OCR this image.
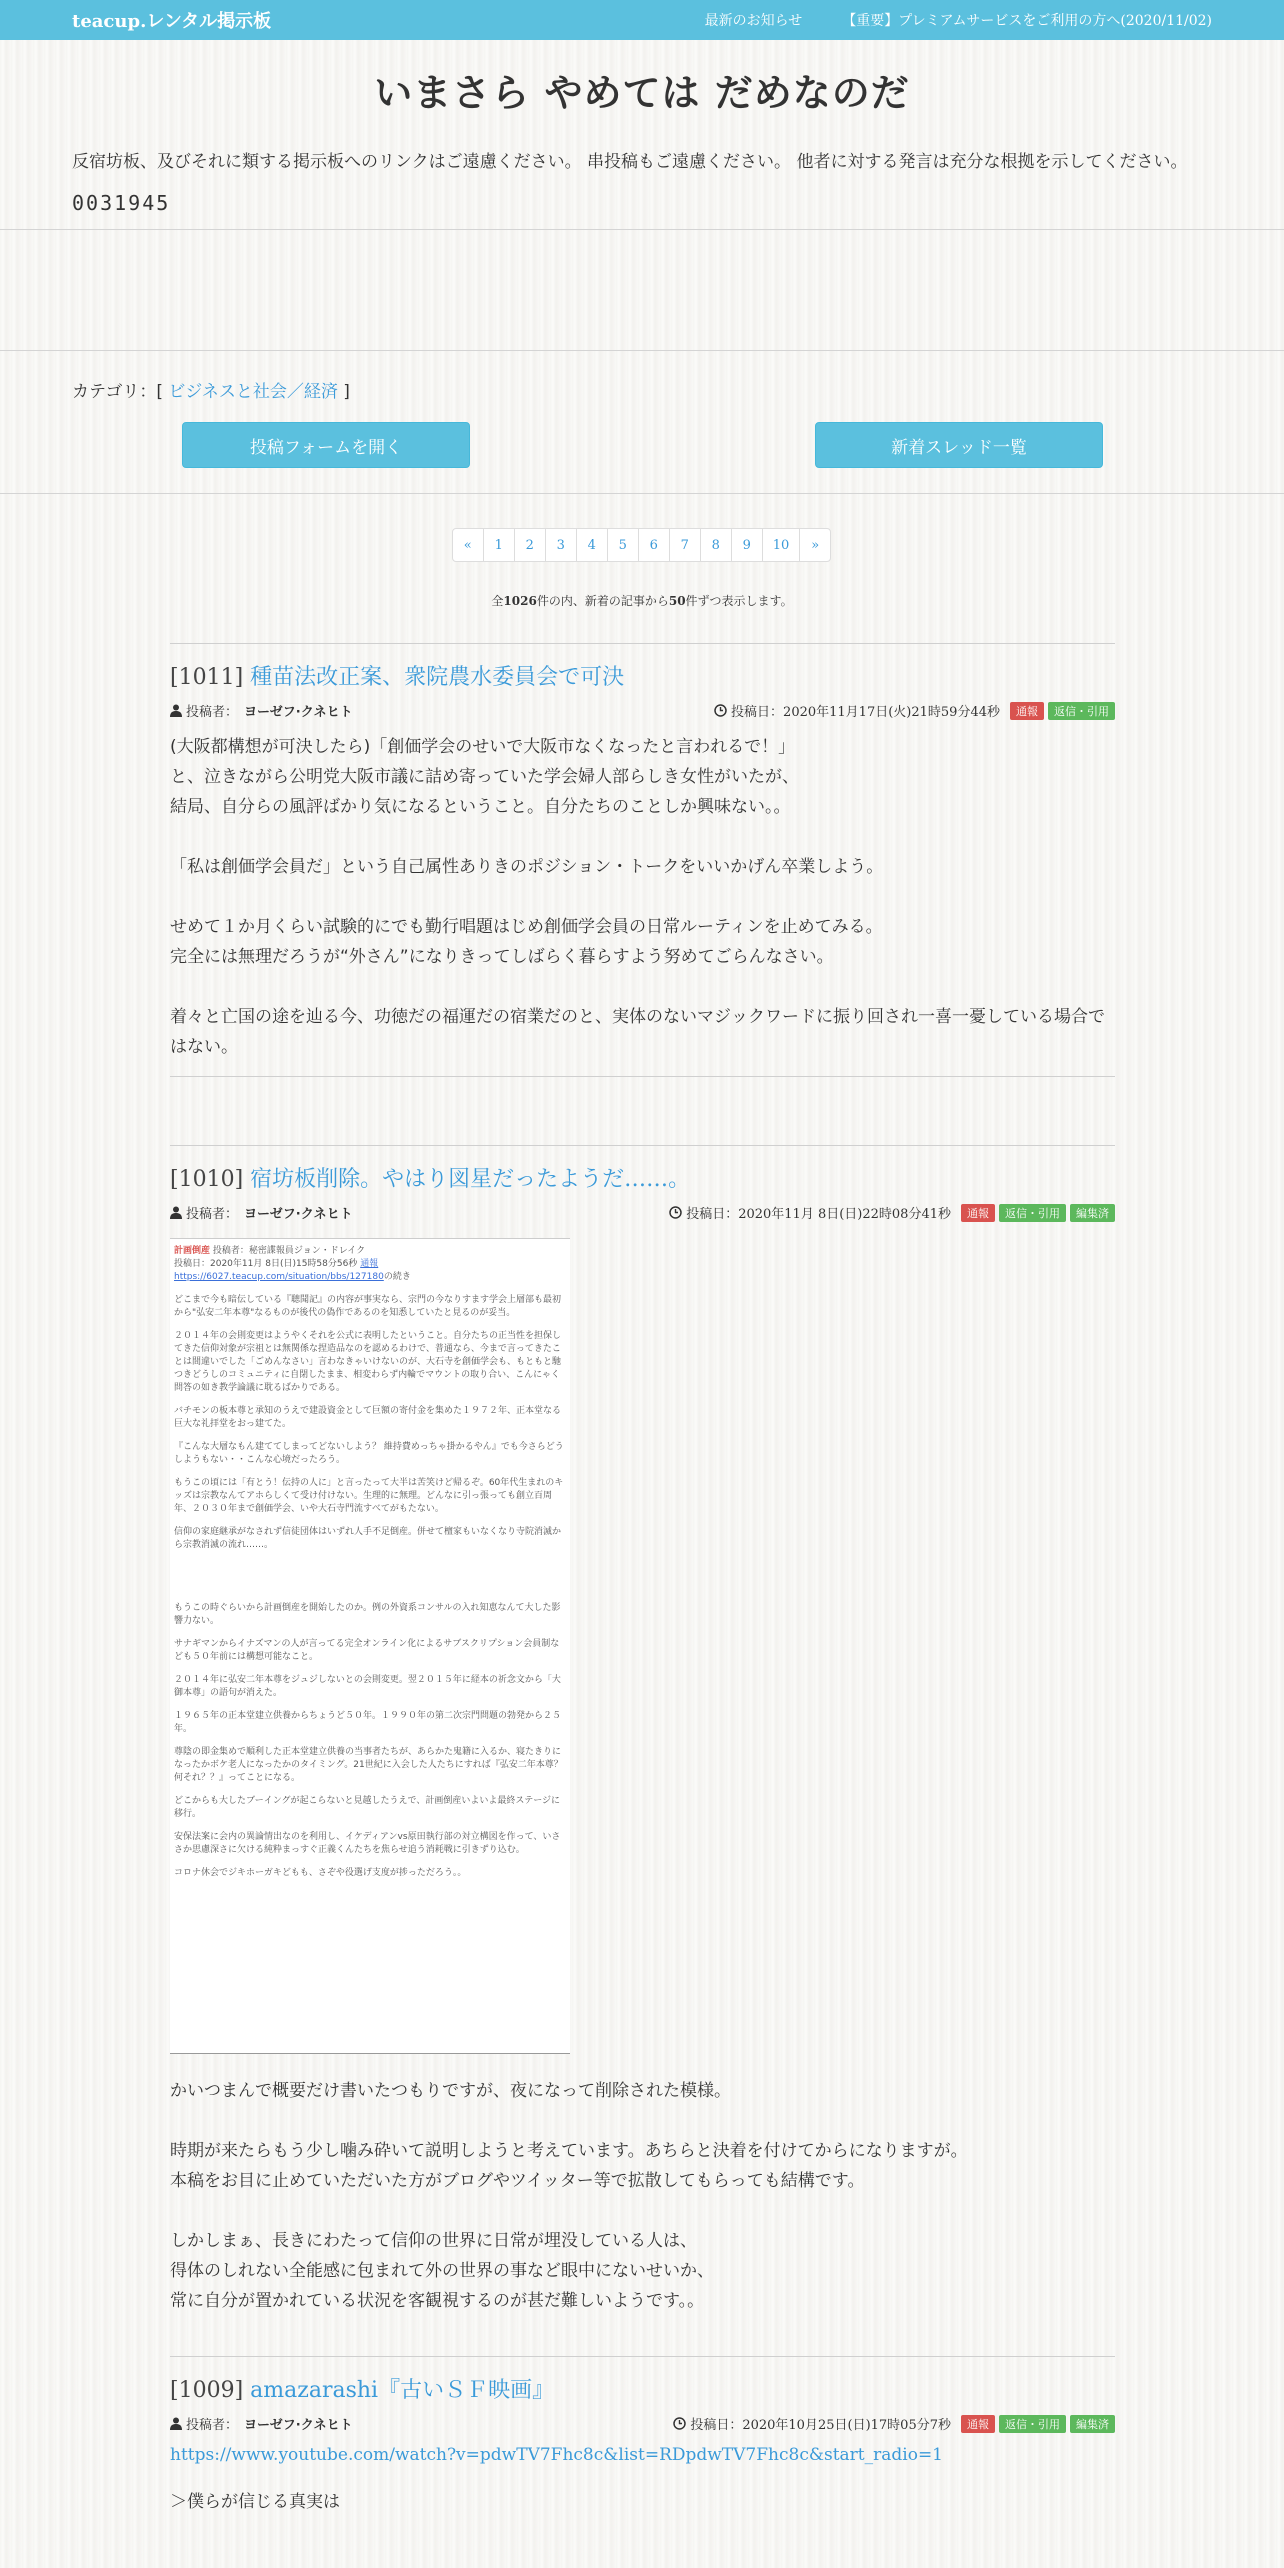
teacup.レンタル掲示板	最新のお知らせ	【重要】プレミアムサービスをご利用の方へ(2020/11/02)
いまさら やめては だめなのだ

反宿坊板、及びそれに類する掲示板へのリンクはご遠慮ください。 串投稿もご遠慮ください。 他者に対する発言は充分な根拠を示してください。

0031945
カテゴリ：[ ビジネスと社会／経済 ]
投稿フォームを開く	新着スレッド一覧
«	1	2	3	4	5	6	7	8	9	10	»
全1026件の内、新着の記事から50件ずつ表示します。
[1011] 種苗法改正案、衆院農水委員会で可決
投稿者： ヨーゼフ·クネヒト	投稿日：2020年11月17日(火)21時59分44秒	通報	返信・引用

(大阪都構想が可決したら)「創価学会のせいで大阪市なくなったと言われるで！」

と、泣きながら公明党大阪市議に詰め寄っていた学会婦人部らしき女性がいたが、

結局、自分らの風評ばかり気になるということ。自分たちのことしか興味ない。。

「私は創価学会員だ」という自己属性ありきのポジション・トークをいいかげん卒業しよう。

せめて１か月くらい試験的にでも勤行唱題はじめ創価学会員の日常ルーティンを止めてみる。

完全には無理だろうが“外さん”になりきってしばらく暮らすよう努めてごらんなさい。

着々と亡国の途を辿る今、功徳だの福運だの宿業だのと、実体のないマジックワードに振り回され一喜一憂している場合ではない。

[1010] 宿坊板削除。やはり図星だったようだ……。
投稿者： ヨーゼフ·クネヒト	投稿日：2020年11月 8日(日)22時08分41秒	通報	返信・引用	編集済
計画倒産 投稿者：秘密諜報員ジョン・ドレイク
投稿日：2020年11月 8日(日)15時58分56秒 通報
https://6027.teacup.com/situation/bbs/127180の続き

どこまで今も暗伝している『聴聞記』の内容が事実なら、宗門の今なりすます学会上層部も最初から"弘安二年本尊"なるものが後代の偽作であるのを知悉していたと見るのが妥当。

２０１４年の会則変更はようやくそれを公式に表明したということ。自分たちの正当性を担保してきた信仰対象が宗祖とは無関係な捏造品なのを認めるわけで、普通なら、今まで言ってきたことは間違いでした「ごめんなさい」言わなきゃいけないのが、大石寺を創価学会も、もともと馳つきどうしのコミュニティに自閉したまま、相変わらず内輪でマウントの取り合い、こんにゃく問答の如き教学論議に耽るばかりである。

バチモンの板本尊と承知のうえで建設資金として巨額の寄付金を集めた１９７２年、正本堂なる巨大な礼拝堂をおっ建てた。

『こんな大層なもん建ててしまってどないしよう？ 維持費めっちゃ掛かるやん』でも今さらどうしようもない・・こんな心境だったろう。

もうこの頃には「有とう！伝持の人に」と言ったって大半は苦笑けど帰るぞ。60年代生まれのキッズは宗教なんてアホらしくて受け付けない。生理的に無理。どんなに引っ張っても創立百周年、２０３０年まで創価学会、いや大石寺門流すべてがもたない。

信仰の家庭継承がなされず信徒団体はいずれ人手不足倒産。併せて檀家もいなくなり寺院消滅から宗教消滅の流れ……。

もうこの時ぐらいから計画倒産を開始したのか。例の外資系コンサルの入れ知恵なんて大した影響力ない。

サナギマンからイナズマンの人が言ってる完全オンライン化によるサブスクリプション会員制なども５０年前には構想可能なこと。

２０１４年に弘安二年本尊をジュジしないとの会則変更。翌２０１５年に経本の祈念文から「大御本尊」の語句が消えた。

１９６５年の正本堂建立供養からちょうど５０年。１９９０年の第二次宗門問題の勃発から２５年。

尊陰の即金集めで順利した正本堂建立供養の当事者たちが、あらかた鬼籍に入るか、寝たきりになったかボケ老人になったかのタイミング。21世紀に入会した人たちにすれば『弘安二年本尊？何それ？？』ってことになる。

どこからも大したブーイングが起こらないと見越したうえで、計画倒産いよいよ最終ステージに移行。

安保法案に会内の異論情出なのを利用し、イケディアンvs原田執行部の対立構図を作って、いささか思慮深さに欠ける純粋まっすぐ正義くんたちを焦らせ追う消耗戦に引きずり込む。

コロナ休会でジキホーガキどもも、さぞや役選げ支度が捗っただろう。。

かいつまんで概要だけ書いたつもりですが、夜になって削除された模様。

時期が来たらもう少し噛み砕いて説明しようと考えています。あちらと決着を付けてからになりますが。

本稿をお目に止めていただいた方がブログやツイッター等で拡散してもらっても結構です。

しかしまぁ、長きにわたって信仰の世界に日常が埋没している人は、

得体のしれない全能感に包まれて外の世界の事など眼中にないせいか、

常に自分が置かれている状況を客観視するのが甚だ難しいようです。。

[1009] amazarashi『古いＳＦ映画』
投稿者： ヨーゼフ·クネヒト	投稿日：2020年10月25日(日)17時05分7秒	通報	返信・引用	編集済
https://www.youtube.com/watch?v=pdwTV7Fhc8c&list=RDpdwTV7Fhc8c&start_radio=1

＞僕らが信じる真実は
